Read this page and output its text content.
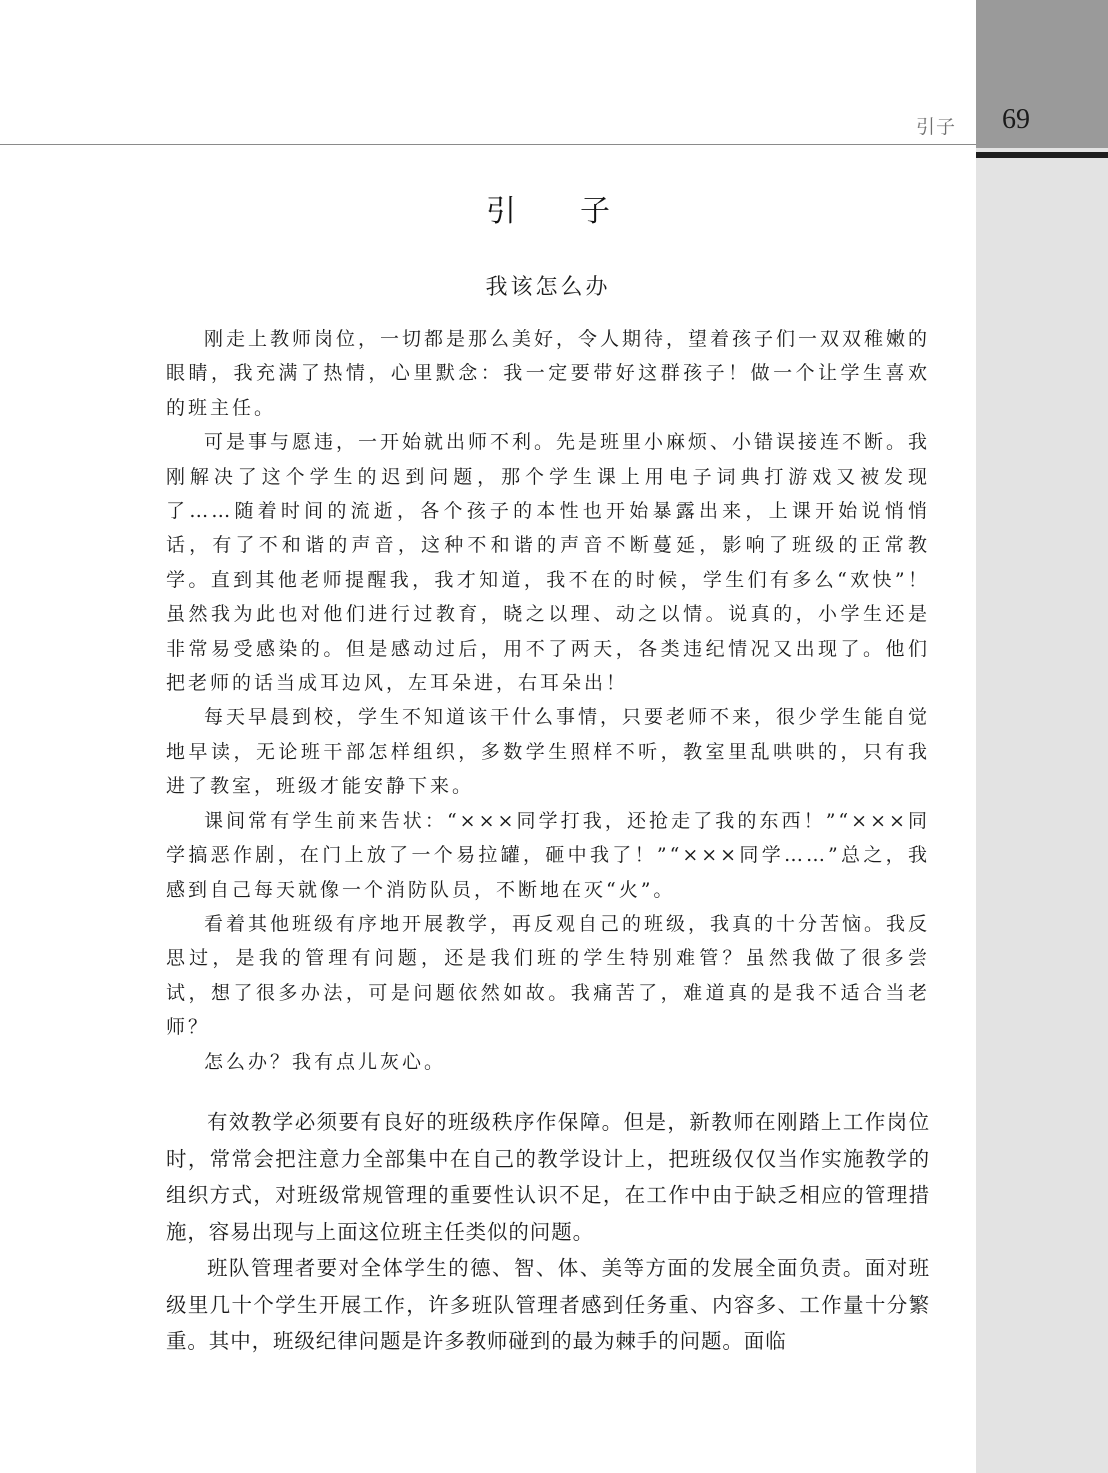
引子	69
引子
我该怎么办

刚走上教师岗位，一切都是那么美好，令人期待，望着孩子们一双双稚嫩的眼睛，我充满了热情，心里默念：我一定要带好这群孩子！做一个让学生喜欢的班主任。

可是事与愿违，一开始就出师不利。先是班里小麻烦、小错误接连不断。我刚解决了这个学生的迟到问题，那个学生课上用电子词典打游戏又被发现了……随着时间的流逝，各个孩子的本性也开始暴露出来，上课开始说悄悄话，有了不和谐的声音，这种不和谐的声音不断蔓延，影响了班级的正常教学。直到其他老师提醒我，我才知道，我不在的时候，学生们有多么“欢快”！虽然我为此也对他们进行过教育，晓之以理、动之以情。说真的，小学生还是非常易受感染的。但是感动过后，用不了两天，各类违纪情况又出现了。他们把老师的话当成耳边风，左耳朵进，右耳朵出！

每天早晨到校，学生不知道该干什么事情，只要老师不来，很少学生能自觉地早读，无论班干部怎样组织，多数学生照样不听，教室里乱哄哄的，只有我进了教室，班级才能安静下来。

课间常有学生前来告状：“×××同学打我，还抢走了我的东西！”“×××同学搞恶作剧，在门上放了一个易拉罐，砸中我了！”“×××同学……”总之，我感到自己每天就像一个消防队员，不断地在灭“火”。

看着其他班级有序地开展教学，再反观自己的班级，我真的十分苦恼。我反思过，是我的管理有问题，还是我们班的学生特别难管？虽然我做了很多尝试，想了很多办法，可是问题依然如故。我痛苦了，难道真的是我不适合当老师？

怎么办？我有点儿灰心。

有效教学必须要有良好的班级秩序作保障。但是，新教师在刚踏上工作岗位时，常常会把注意力全部集中在自己的教学设计上，把班级仅仅当作实施教学的组织方式，对班级常规管理的重要性认识不足，在工作中由于缺乏相应的管理措施，容易出现与上面这位班主任类似的问题。

班队管理者要对全体学生的德、智、体、美等方面的发展全面负责。面对班级里几十个学生开展工作，许多班队管理者感到任务重、内容多、工作量十分繁重。其中，班级纪律问题是许多教师碰到的最为棘手的问题。面临
